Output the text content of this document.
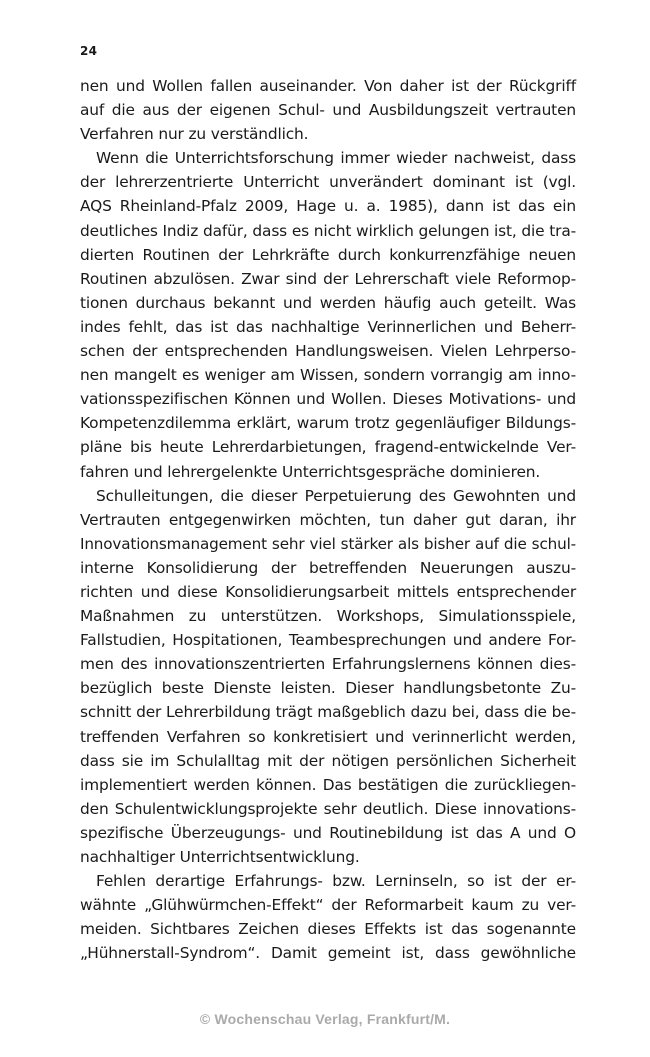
24
nen und Wollen fallen auseinander. Von daher ist der Rückgriff
auf die aus der eigenen Schul- und Ausbildungszeit vertrauten
Verfahren nur zu verständlich.
Wenn die Unterrichtsforschung immer wieder nachweist, dass
der lehrerzentrierte Unterricht unverändert dominant ist (vgl.
AQS Rheinland-Pfalz 2009, Hage u. a. 1985), dann ist das ein
deutliches Indiz dafür, dass es nicht wirklich gelungen ist, die tra-
dierten Routinen der Lehrkräfte durch konkurrenzfähige neuen
Routinen abzulösen. Zwar sind der Lehrerschaft viele Reformop-
tionen durchaus bekannt und werden häufig auch geteilt. Was
indes fehlt, das ist das nachhaltige Verinnerlichen und Beherr-
schen der entsprechenden Handlungsweisen. Vielen Lehrperso-
nen mangelt es weniger am Wissen, sondern vorrangig am inno-
vationsspezifischen Können und Wollen. Dieses Motivations- und
Kompetenzdilemma erklärt, warum trotz gegenläufiger Bildungs-
pläne bis heute Lehrerdarbietungen, fragend-entwickelnde Ver-
fahren und lehrergelenkte Unterrichtsgespräche dominieren.
Schulleitungen, die dieser Perpetuierung des Gewohnten und
Vertrauten entgegenwirken möchten, tun daher gut daran, ihr
Innovationsmanagement sehr viel stärker als bisher auf die schul-
interne Konsolidierung der betreffenden Neuerungen auszu-
richten und diese Konsolidierungsarbeit mittels entsprechender
Maßnahmen zu unterstützen. Workshops, Simulationsspiele,
Fallstudien, Hospitationen, Teambesprechungen und andere For-
men des innovationszentrierten Erfahrungslernens können dies-
bezüglich beste Dienste leisten. Dieser handlungsbetonte Zu-
schnitt der Lehrerbildung trägt maßgeblich dazu bei, dass die be-
treffenden Verfahren so konkretisiert und verinnerlicht werden,
dass sie im Schulalltag mit der nötigen persönlichen Sicherheit
implementiert werden können. Das bestätigen die zurückliegen-
den Schulentwicklungsprojekte sehr deutlich. Diese innovations-
spezifische Überzeugungs- und Routinebildung ist das A und O
nachhaltiger Unterrichtsentwicklung.
Fehlen derartige Erfahrungs- bzw. Lerninseln, so ist der er-
wähnte „Glühwürmchen-Effekt“ der Reformarbeit kaum zu ver-
meiden. Sichtbares Zeichen dieses Effekts ist das sogenannte
„Hühnerstall-Syndrom“. Damit gemeint ist, dass gewöhnliche
© Wochenschau Verlag, Frankfurt/M.
